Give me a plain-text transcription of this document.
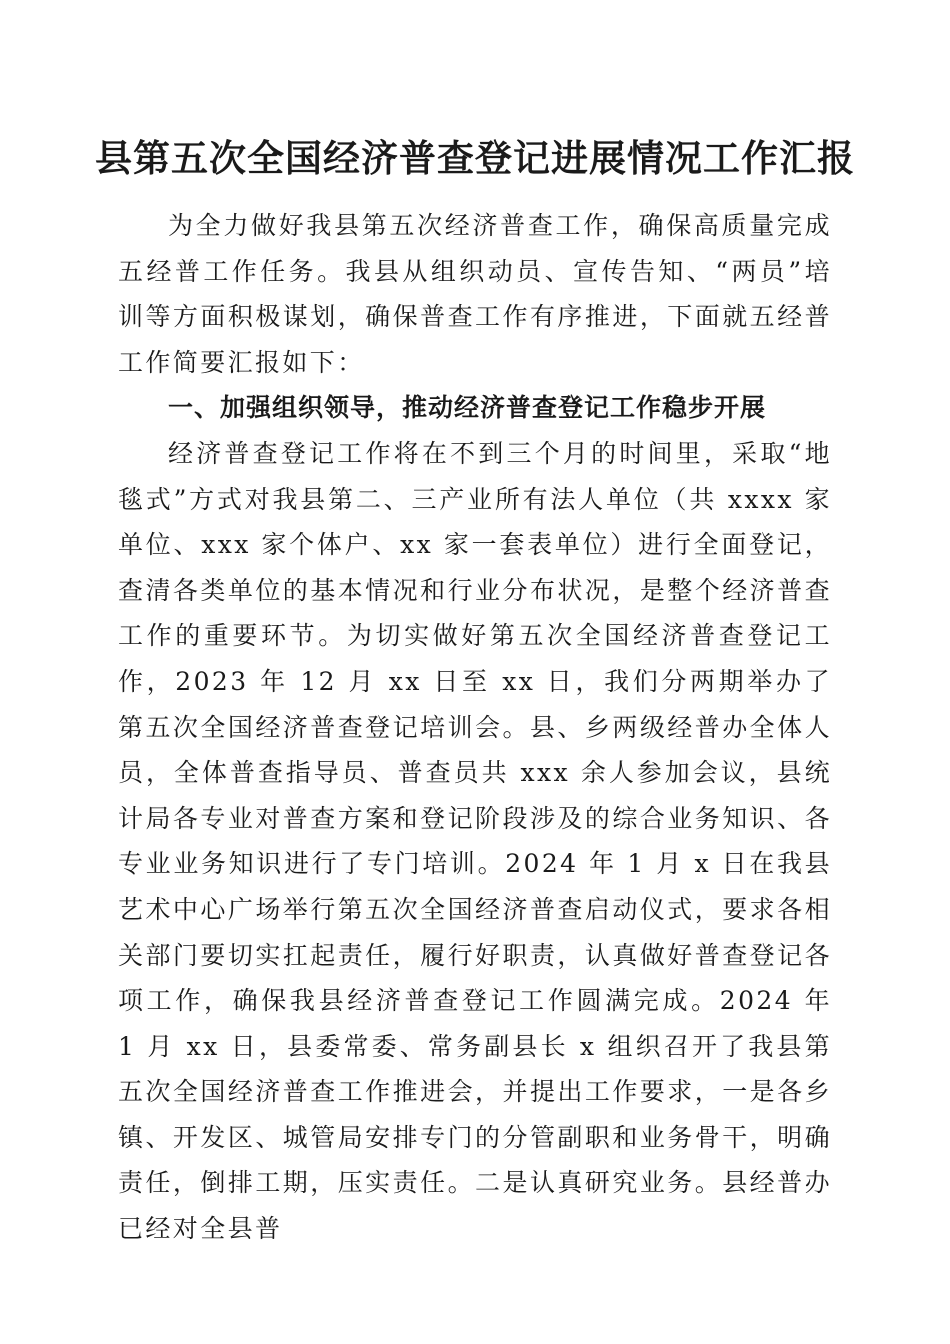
县第五次全国经济普查登记进展情况工作汇报

为全力做好我县第五次经济普查工作，确保高质量完成五经普工作任务。我县从组织动员、宣传告知、“两员”培训等方面积极谋划，确保普查工作有序推进，下面就五经普工作简要汇报如下：

一、加强组织领导，推动经济普查登记工作稳步开展

经济普查登记工作将在不到三个月的时间里，采取“地毯式”方式对我县第二、三产业所有法人单位（共 xxxx 家单位、xxx 家个体户、xx 家一套表单位）进行全面登记，查清各类单位的基本情况和行业分布状况，是整个经济普查工作的重要环节。为切实做好第五次全国经济普查登记工作，2023 年 12 月 xx 日至 xx 日，我们分两期举办了第五次全国经济普查登记培训会。县、乡两级经普办全体人员，全体普查指导员、普查员共 xxx 余人参加会议，县统计局各专业对普查方案和登记阶段涉及的综合业务知识、各专业业务知识进行了专门培训。2024 年 1 月 x 日在我县艺术中心广场举行第五次全国经济普查启动仪式，要求各相关部门要切实扛起责任，履行好职责，认真做好普查登记各项工作，确保我县经济普查登记工作圆满完成。2024 年 1 月 xx 日，县委常委、常务副县长 x 组织召开了我县第五次全国经济普查工作推进会，并提出工作要求，一是各乡镇、开发区、城管局安排专门的分管副职和业务骨干，明确责任，倒排工期，压实责任。二是认真研究业务。县经普办已经对全县普
